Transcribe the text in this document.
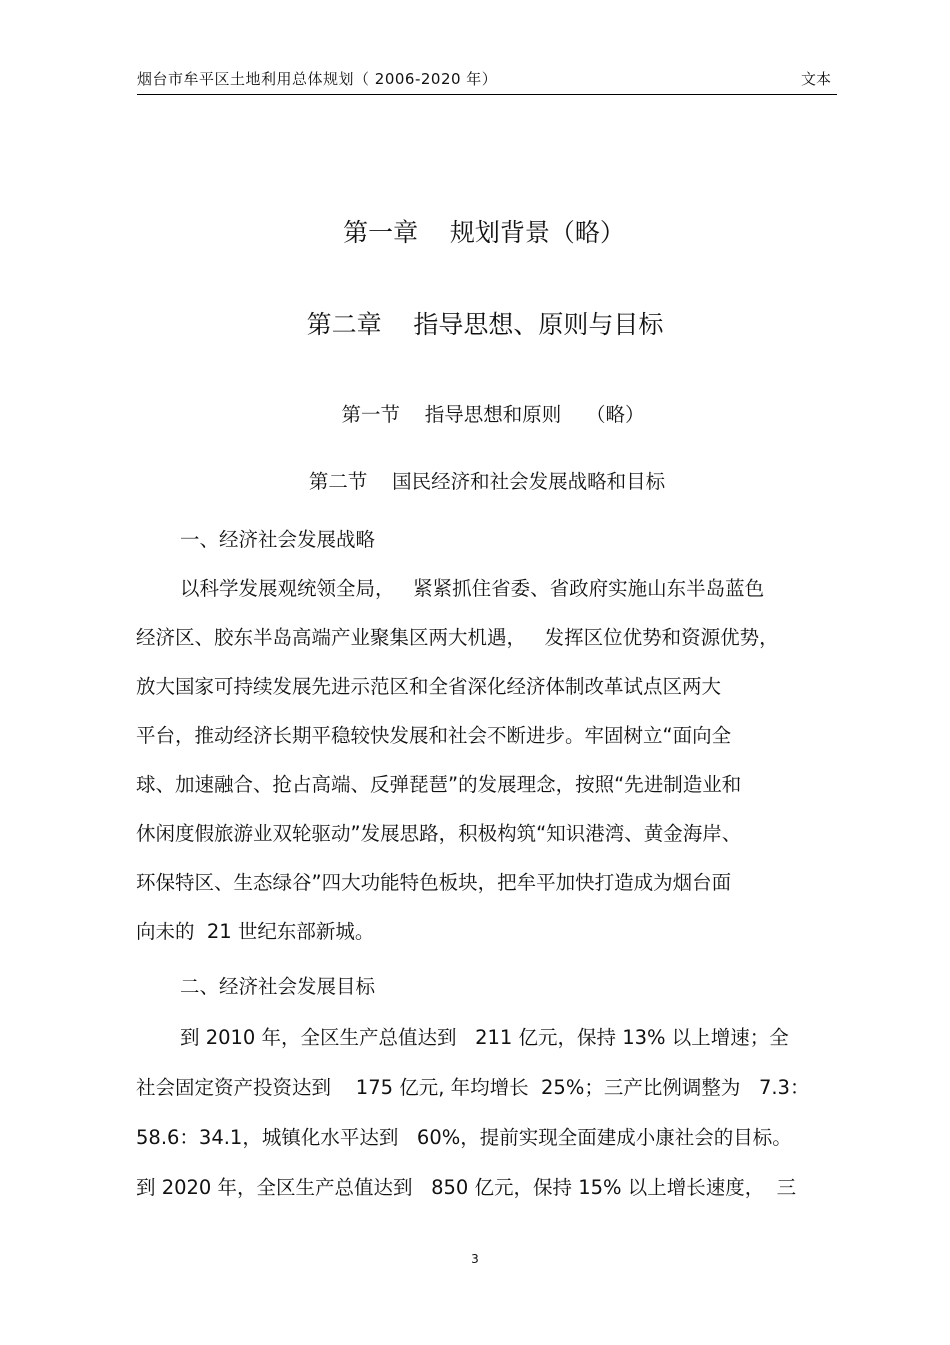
烟台市牟平区土地利用总体规划（ 2006-2020 年）	文本
第一章    规划背景（略）
第二章    指导思想、原则与目标
第一节    指导思想和原则    （略）
第二节    国民经济和社会发展战略和目标
一、经济社会发展战略
以科学发展观统领全局，   紧紧抓住省委、省政府实施山东半岛蓝色
经济区、胶东半岛高端产业聚集区两大机遇，   发挥区位优势和资源优势，
放大国家可持续发展先进示范区和全省深化经济体制改革试点区两大
平台，推动经济长期平稳较快发展和社会不断进步。牢固树立“面向全
球、加速融合、抢占高端、反弹琵琶”的发展理念，按照“先进制造业和
休闲度假旅游业双轮驱动”发展思路，积极构筑“知识港湾、黄金海岸、
环保特区、生态绿谷”四大功能特色板块，把牟平加快打造成为烟台面
向未的  21 世纪东部新城。
二、经济社会发展目标
到 2010 年，全区生产总值达到   211 亿元，保持 13% 以上增速；全
社会固定资产投资达到    175 亿元, 年均增长  25%；三产比例调整为   7.3：
58.6：34.1，城镇化水平达到   60%，提前实现全面建成小康社会的目标。
到 2020 年，全区生产总值达到   850 亿元，保持 15% 以上增长速度，  三
3
